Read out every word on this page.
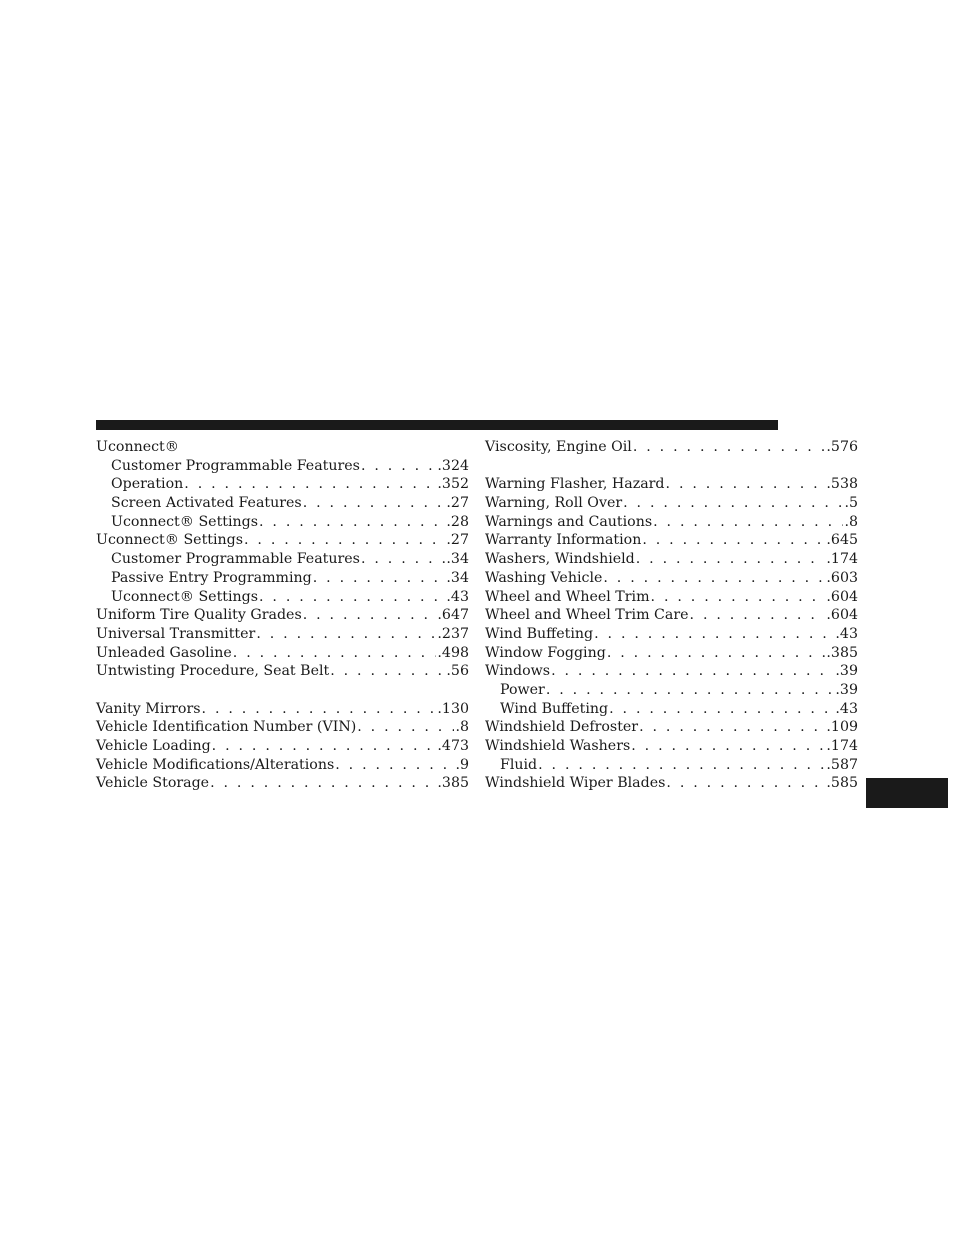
Uconnect®
Customer Programmable Features . . .	.324
Operation . . .	.352
Screen Activated Features . . .	.27
Uconnect® Settings . . .	.28
Uconnect® Settings . . .	.27
Customer Programmable Features . . .	.34
Passive Entry Programming . . .	.34
Uconnect® Settings . . .	.43
Uniform Tire Quality Grades . . .	.647
Universal Transmitter . . .	.237
Unleaded Gasoline . . .	.498
Untwisting Procedure, Seat Belt . . .	.56
Vanity Mirrors . . .	.130
Vehicle Identification Number (VIN) . . .	.8
Vehicle Loading . . .	.473
Vehicle Modifications/Alterations . . .	.9
Vehicle Storage . . .	.385
Viscosity, Engine Oil . . .	.576
Warning Flasher, Hazard . . .	.538
Warning, Roll Over . . .	.5
Warnings and Cautions . . .	.8
Warranty Information . . .	.645
Washers, Windshield . . .	.174
Washing Vehicle . . .	.603
Wheel and Wheel Trim . . .	.604
Wheel and Wheel Trim Care . . .	.604
Wind Buffeting . . .	.43
Window Fogging . . .	.385
Windows . . .	.39
Power . . .	.39
Wind Buffeting . . .	.43
Windshield Defroster . . .	.109
Windshield Washers . . .	.174
Fluid . . .	.587
Windshield Wiper Blades . . .	.585
